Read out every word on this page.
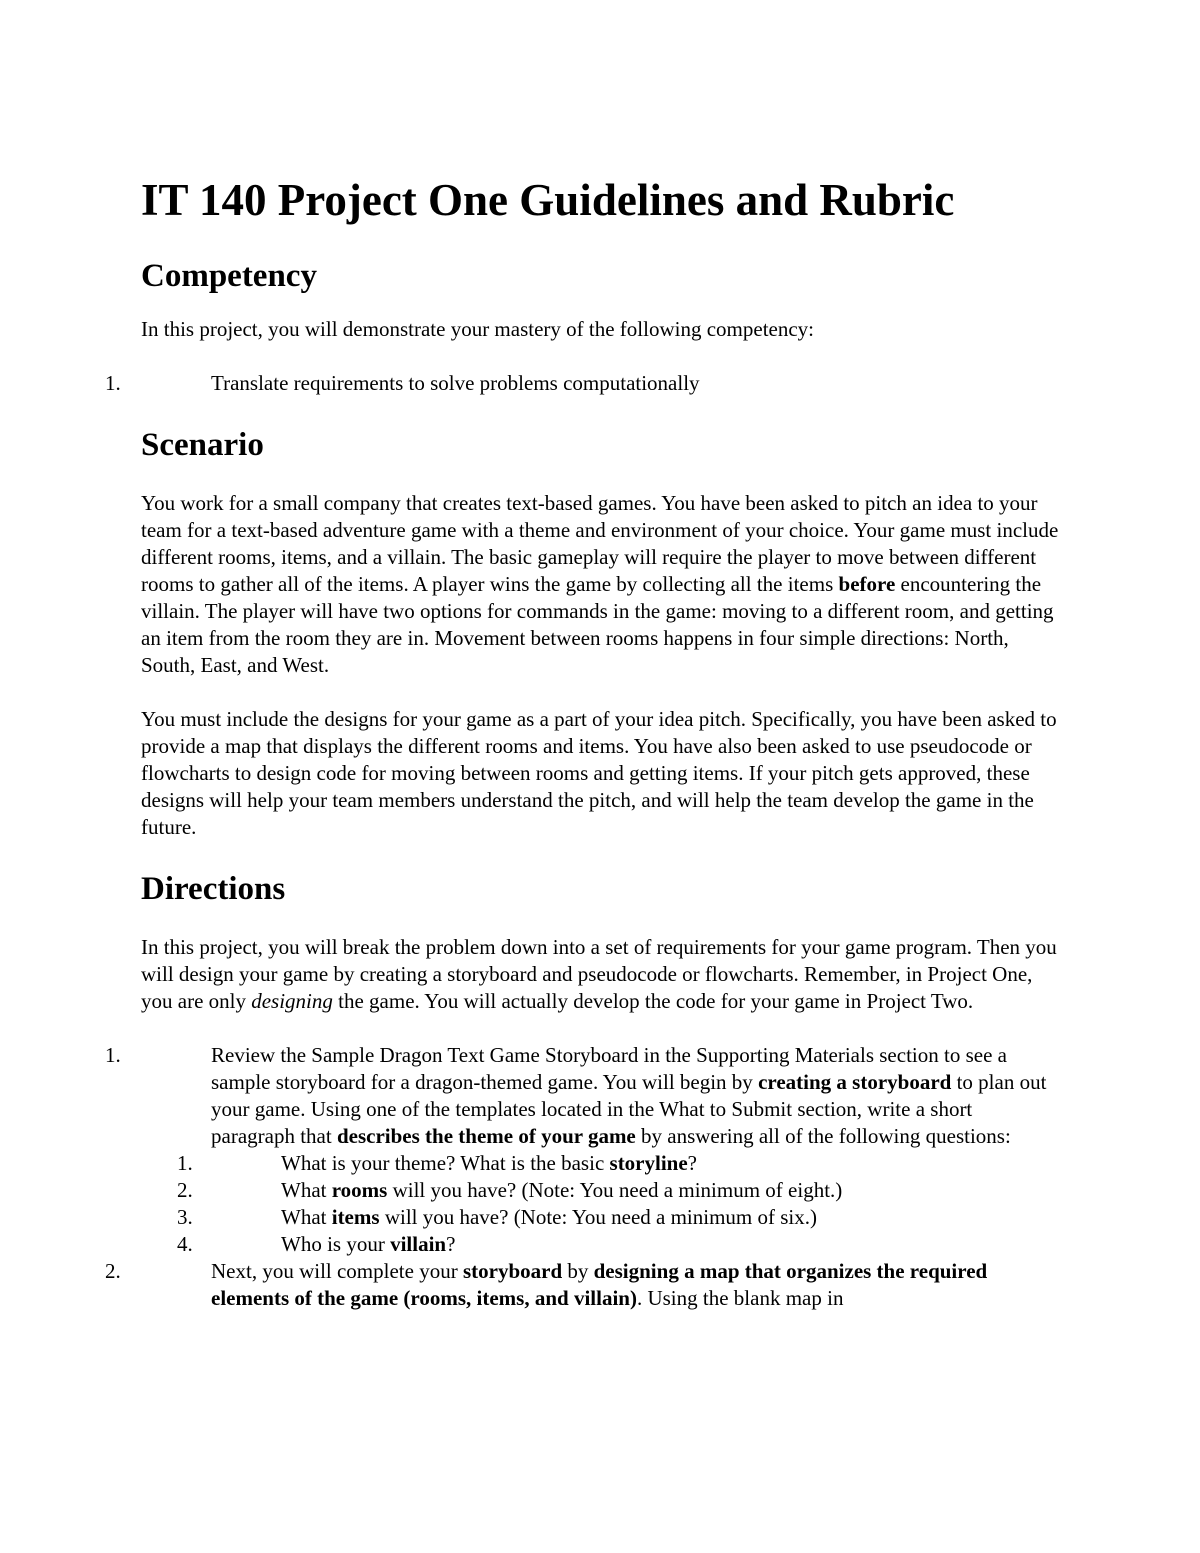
IT 140 Project One Guidelines and Rubric
Competency

In this project, you will demonstrate your mastery of the following competency:

1.	Translate requirements to solve problems computationally
Scenario

You work for a small company that creates text-based games. You have been asked to pitch an idea to your team for a text-based adventure game with a theme and environment of your choice. Your game must include different rooms, items, and a villain. The basic gameplay will require the player to move between different rooms to gather all of the items. A player wins the game by collecting all the items before encountering the villain. The player will have two options for commands in the game: moving to a different room, and getting an item from the room they are in. Movement between rooms happens in four simple directions: North, South, East, and West.

You must include the designs for your game as a part of your idea pitch. Specifically, you have been asked to provide a map that displays the different rooms and items. You have also been asked to use pseudocode or flowcharts to design code for moving between rooms and getting items. If your pitch gets approved, these designs will help your team members understand the pitch, and will help the team develop the game in the future.

Directions

In this project, you will break the problem down into a set of requirements for your game program. Then you will design your game by creating a storyboard and pseudocode or flowcharts. Remember, in Project One, you are only designing the game. You will actually develop the code for your game in Project Two.

1.	Review the Sample Dragon Text Game Storyboard in the Supporting Materials section to see a sample storyboard for a dragon-themed game. You will begin by creating a storyboard to plan out your game. Using one of the templates located in the What to Submit section, write a short paragraph that describes the theme of your game by answering all of the following questions:
1.	What is your theme? What is the basic storyline?
2.	What rooms will you have? (Note: You need a minimum of eight.)
3.	What items will you have? (Note: You need a minimum of six.)
4.	Who is your villain?
2.	Next, you will complete your storyboard by designing a map that organizes the required elements of the game (rooms, items, and villain). Using the blank map in
